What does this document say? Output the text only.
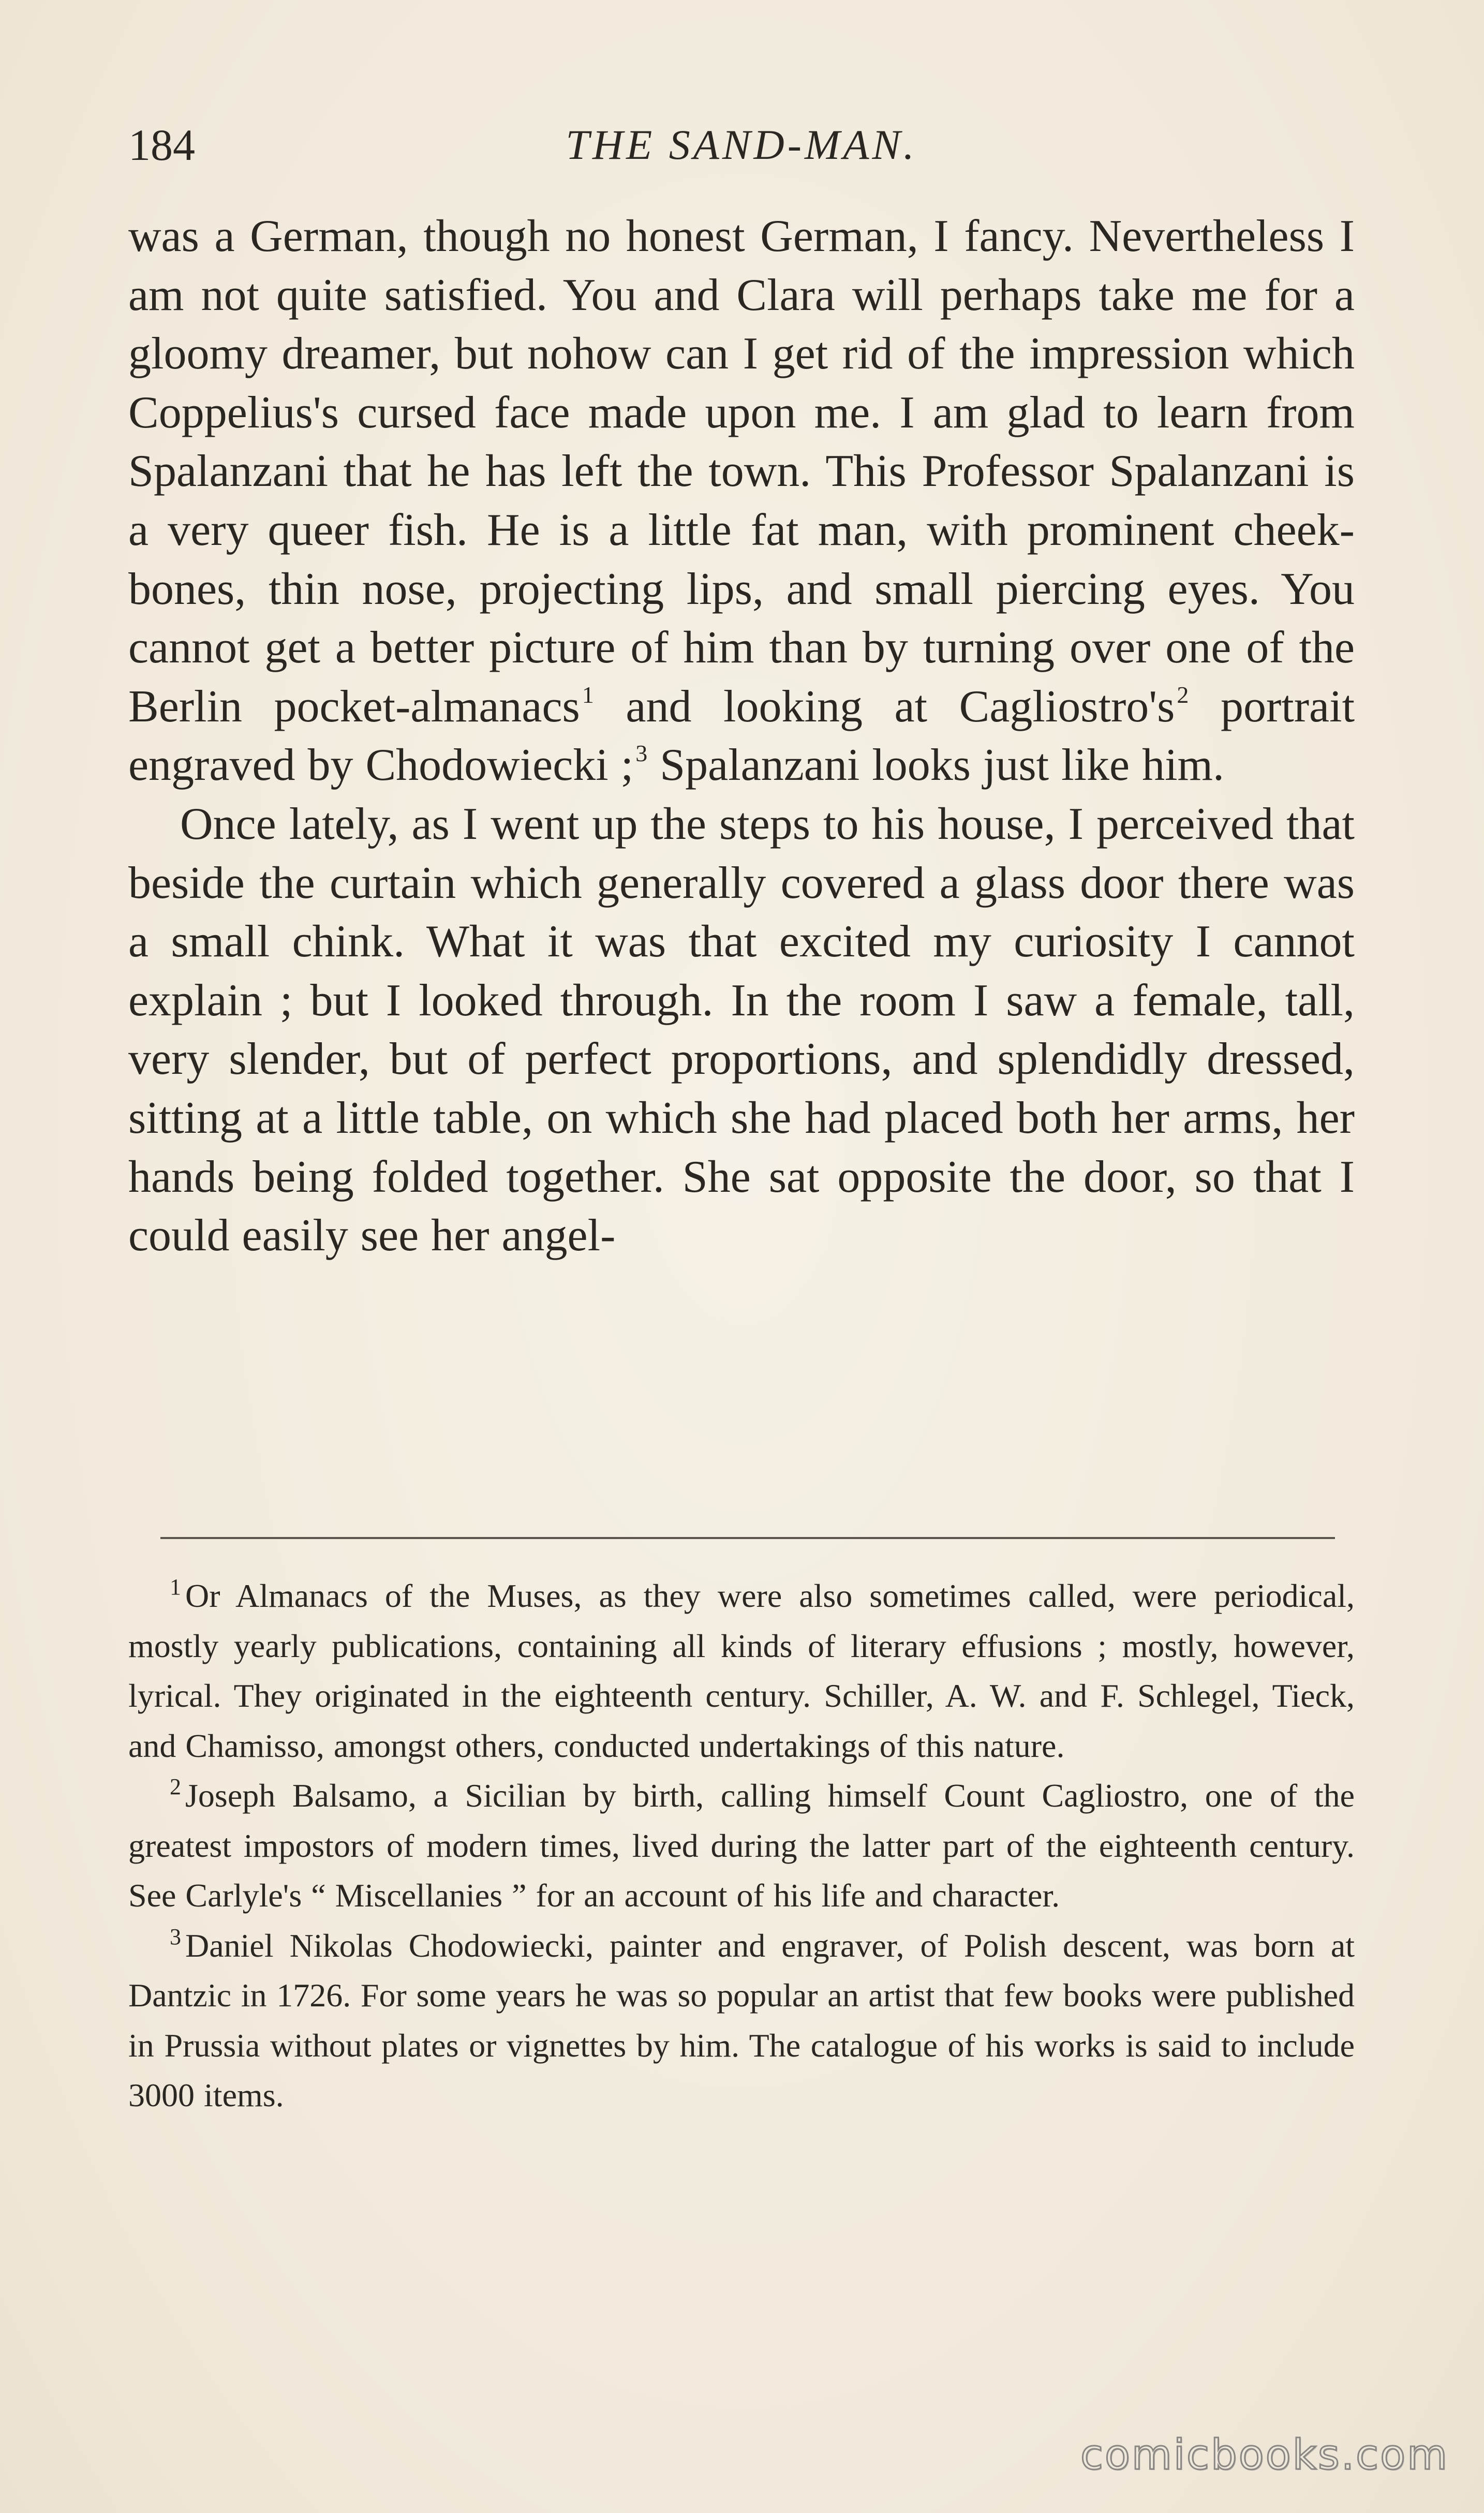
184	THE SAND-MAN.

was a German, though no honest German, I fancy. Nevertheless I am not quite satisfied. You and Clara will perhaps take me for a gloomy dreamer, but nohow can I get rid of the impression which Coppelius's cursed face made upon me. I am glad to learn from Spalanzani that he has left the town. This Professor Spalanzani is a very queer fish. He is a little fat man, with prominent cheek-bones, thin nose, projecting lips, and small piercing eyes. You cannot get a better picture of him than by turning over one of the Berlin pocket-almanacs$^1$ and looking at Cagliostro's$^2$ portrait engraved by Chodowiecki ;$^3$ Spalanzani looks just like him.

Once lately, as I went up the steps to his house, I perceived that beside the curtain which generally covered a glass door there was a small chink. What it was that excited my curiosity I cannot explain ; but I looked through. In the room I saw a female, tall, very slender, but of perfect proportions, and splendidly dressed, sitting at a little table, on which she had placed both her arms, her hands being folded together. She sat opposite the door, so that I could easily see her angel-

$^1$ Or Almanacs of the Muses, as they were also sometimes called, were periodical, mostly yearly publications, containing all kinds of literary effusions ; mostly, however, lyrical. They originated in the eighteenth century. Schiller, A. W. and F. Schlegel, Tieck, and Chamisso, amongst others, conducted undertakings of this nature.

$^2$ Joseph Balsamo, a Sicilian by birth, calling himself Count Cagliostro, one of the greatest impostors of modern times, lived during the latter part of the eighteenth century. See Carlyle's “ Miscellanies ” for an account of his life and character.

$^3$ Daniel Nikolas Chodowiecki, painter and engraver, of Polish descent, was born at Dantzic in 1726. For some years he was so popular an artist that few books were published in Prussia without plates or vignettes by him. The catalogue of his works is said to include 3000 items.

comicbooks.com
